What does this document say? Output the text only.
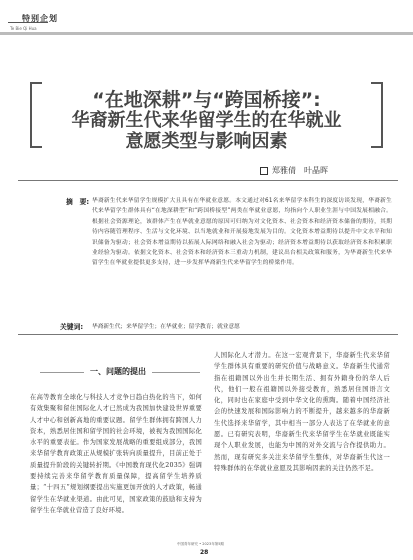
特别企划
Te Bie Qi Hua
“在地深耕”与“跨国桥接”:
华裔新生代来华留学生的在华就业
意愿类型与影响因素
郑雅倩　叶晶晖
摘　要: 华裔新生代来华留学生规模扩大且具有在华就业意愿。本文通过对61名来华留学本科生的深度访谈发现，华裔新生代来华留学生群体具有“在地深耕型”和“跨国桥接型”两类在华就业意愿，均指向个人职业生涯与中国发展相融合。根据社会资源理论，该群体产生在华就业意愿的原因可归纳为对文化资本、社会资本和经济资本储备的期待，其期待内容随管理程序、生活与文化环境、以当地就业和开展接地发展为目的。文化资本增益期待以提升中文水平和知识储备为驱动；社会资本增益期待以拓展人际网络和融入社会为驱动；经济资本增益期待以获取经济资本和积累职业经验为驱动。依据文化资本、社会资本和经济资本三重动力机制，建议出台相关政策和服务，为华裔新生代来华留学生在华就业提供更多支持，进一步发挥华裔新生代来华留学生的桥梁作用。
关键词: 华裔新生代；来华留学生；在华就业；留学教育；就业意愿
一、问题的提出
在高等教育全球化与科技人才竞争日趋白热化的当下，如何有效集聚和留住国际化人才已然成为我国加快建设世界重要人才中心和创新高地的重要议题。留学生群体拥有跨国人力资本，熟悉居住国和留学国的社会环境，被视为我国国际化水平的重要表征。作为国家发展战略的重要组成部分，我国来华留学教育政策正从规模扩张转向质量提升，目前正处于质量提升阶段的关键转折期。《中国教育现代化2035》强调要持续完善来华留学教育质量保障，提高留学生培养质量；“十四五”规划纲要提出实施更加开放的人才政策，畅通留学生在华就业渠道。由此可见，国家政策的鼓励和支持为留学生在华就业营造了良好环境。
人国际化人才潜力。在这一宏观背景下，华裔新生代来华留学生群体具有重要的研究价值与战略意义。华裔新生代通常指在祖籍国以外出生并长期生活、拥有外籍身份的华人后代，他们一般在祖籍国以外接受教育，熟悉居住国语言文化，同时也在家庭中受到中华文化的熏陶。随着中国经济社会的快速发展和国际影响力的不断提升，越来越多的华裔新生代选择来华留学，其中相当一部分人表达了在华就业的意愿。已有研究表明，华裔新生代来华留学生在华就业既能实现个人职业发展，也能为中国的对外交流与合作提供助力。然而，现有研究多关注来华留学生整体，对华裔新生代这一特殊群体的在华就业意愿及其影响因素的关注仍然不足。
中国青年研究 • 2023年第5期
28
